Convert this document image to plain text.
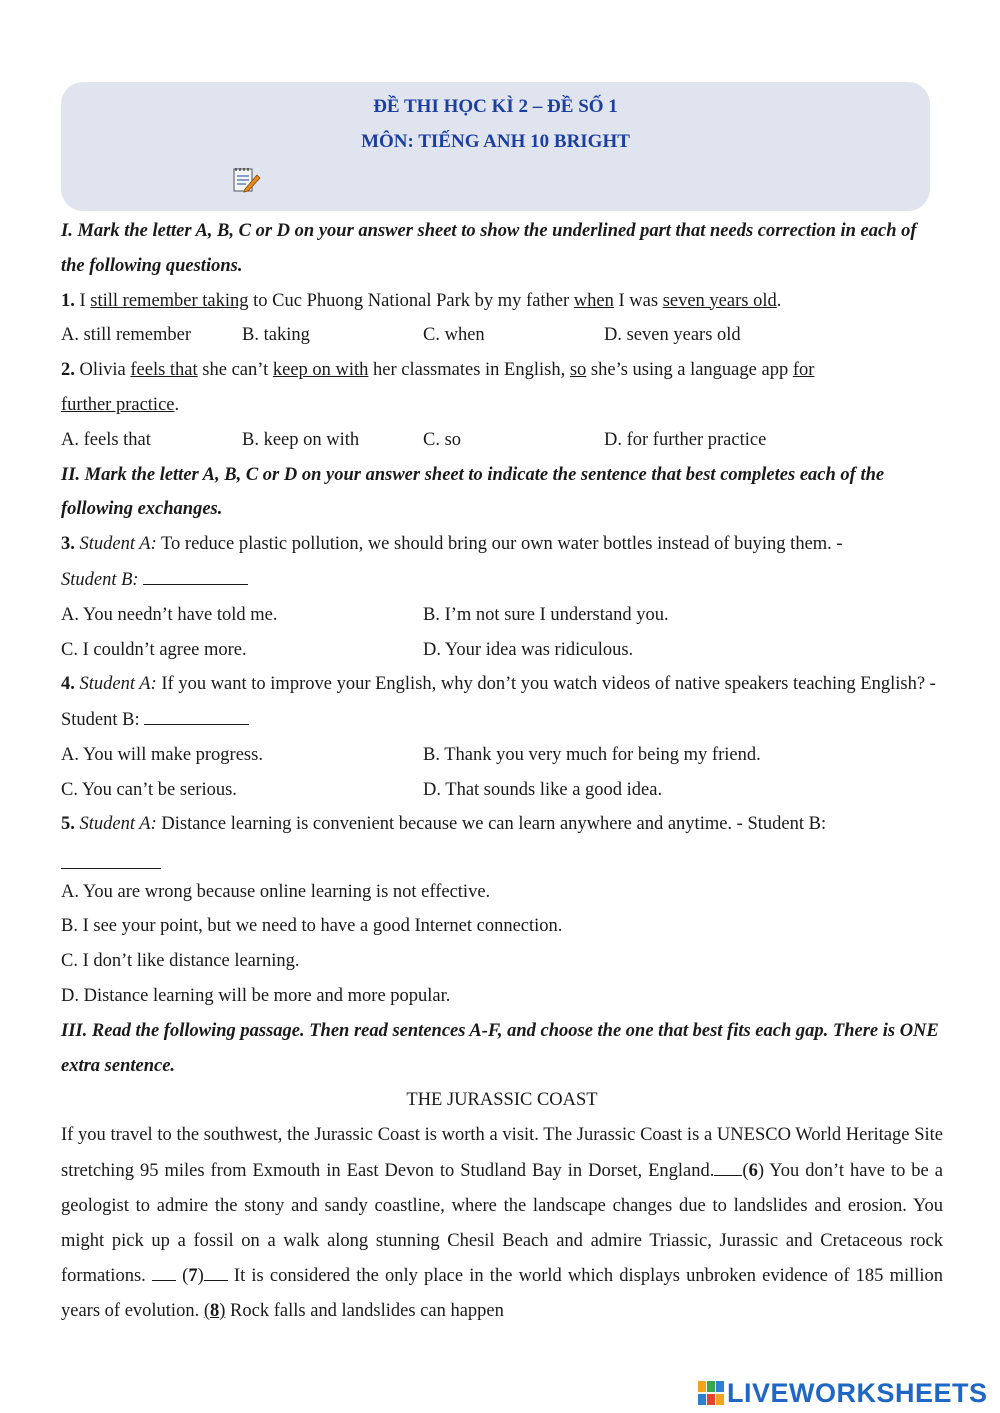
ĐỀ THI HỌC KÌ 2 – ĐỀ SỐ 1
MÔN: TIẾNG ANH 10 BRIGHT

I. Mark the letter A, B, C or D on your answer sheet to show the underlined part that needs correction in each of the following questions.

1. I still remember taking to Cuc Phuong National Park by my father when I was seven years old.

A. still remember	B. taking	C. when	D. seven years old

2. Olivia feels that she can’t keep on with her classmates in English, so she’s using a language app for
further practice.

A. feels that	B. keep on with	C. so	D. for further practice

II. Mark the letter A, B, C or D on your answer sheet to indicate the sentence that best completes each of the following exchanges.

3. Student A: To reduce plastic pollution, we should bring our own water bottles instead of buying them. -
Student B:

A. You needn’t have told me.	B. I’m not sure I understand you.
C. I couldn’t agree more.	D. Your idea was ridiculous.

4. Student A: If you want to improve your English, why don’t you watch videos of native speakers teaching English? - Student B:

A. You will make progress.	B. Thank you very much for being my friend.
C. You can’t be serious.	D. That sounds like a good idea.

5. Student A: Distance learning is convenient because we can learn anywhere and anytime. - Student B:

A. You are wrong because online learning is not effective.

B. I see your point, but we need to have a good Internet connection.

C. I don’t like distance learning.

D. Distance learning will be more and more popular.

III. Read the following passage. Then read sentences A-F, and choose the one that best fits each gap. There is ONE extra sentence.

THE JURASSIC COAST

If you travel to the southwest, the Jurassic Coast is worth a visit. The Jurassic Coast is a UNESCO World Heritage Site stretching 95 miles from Exmouth in East Devon to Studland Bay in Dorset, England. (6) You don’t have to be a geologist to admire the stony and sandy coastline, where the landscape changes due to landslides and erosion. You might pick up a fossil on a walk along stunning Chesil Beach and admire Triassic, Jurassic and Cretaceous rock formations.  (7) It is considered the only place in the world which displays unbroken evidence of 185 million years of evolution. (8) Rock falls and landslides can happen

LIVEWORKSHEETS
